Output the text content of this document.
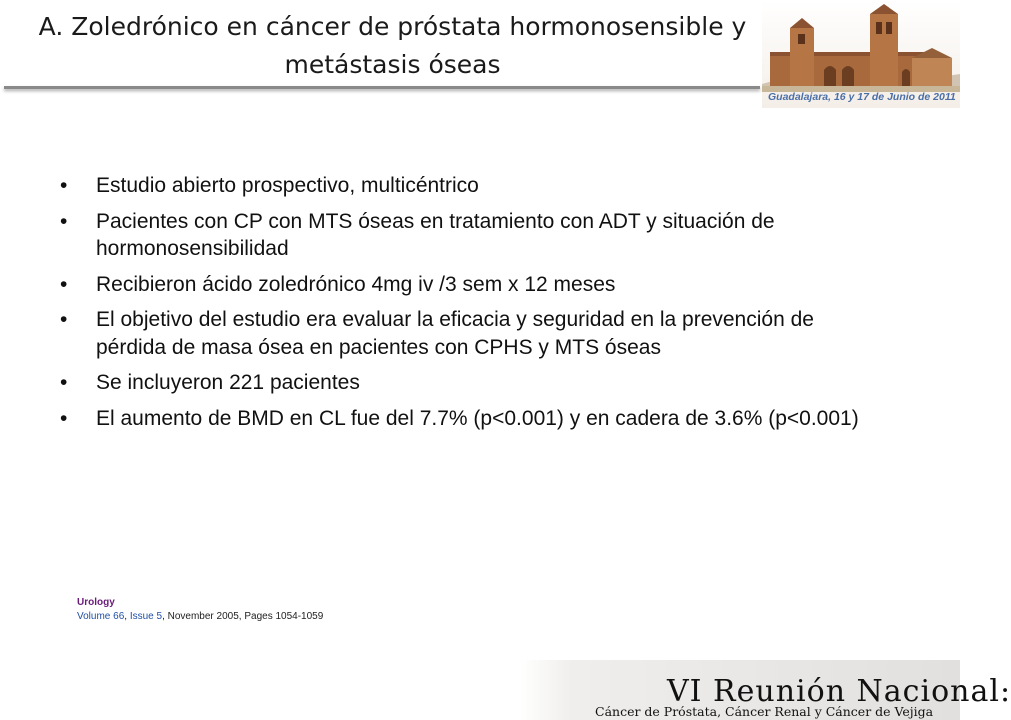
A. Zoledrónico en cáncer de próstata hormonosensible y
metástasis óseas
Guadalajara, 16 y 17 de Junio de 2011
• Estudio abierto prospectivo, multicéntrico
• Pacientes con CP con MTS óseas en tratamiento con ADT y situación de hormonosensibilidad
• Recibieron ácido zoledrónico 4mg iv /3 sem x 12 meses
• El objetivo del estudio era evaluar la eficacia y seguridad en la prevención de pérdida de masa ósea en pacientes con CPHS y MTS óseas
• Se incluyeron 221 pacientes
• El aumento de BMD en CL fue del 7.7% (p<0.001) y en cadera de 3.6% (p<0.001)
Urology
Volume 66, Issue 5, November 2005, Pages 1054-1059
VI Reunión Nacional:
Cáncer de Próstata, Cáncer Renal y Cáncer de Vejiga
